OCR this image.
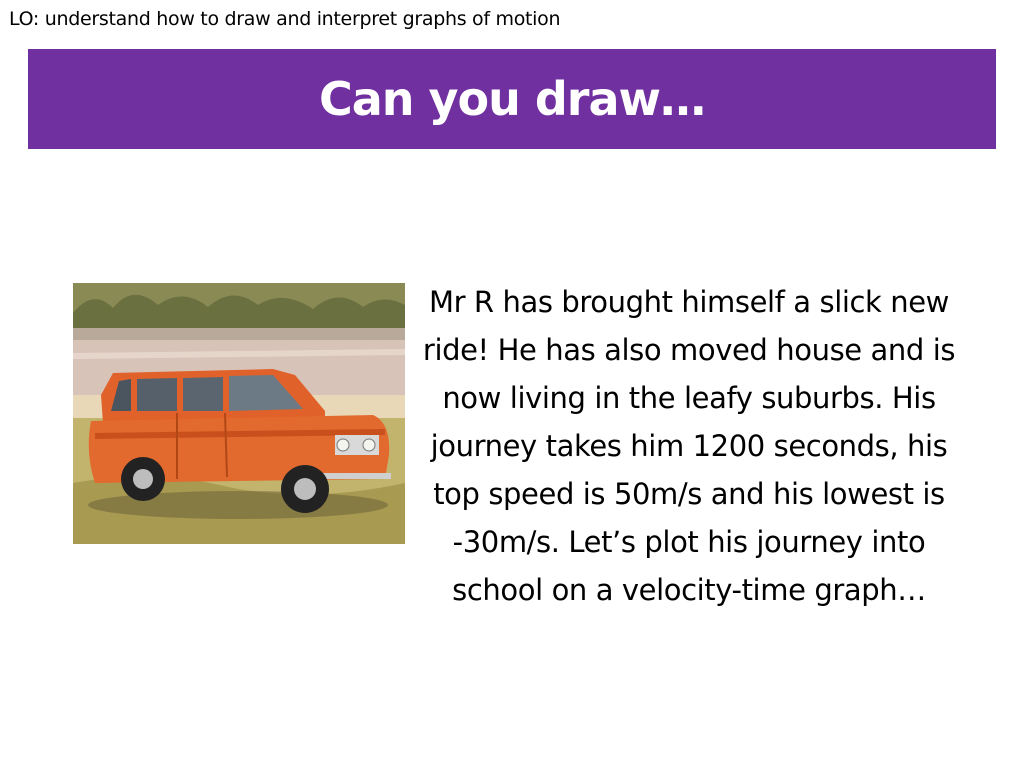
LO: understand how to draw and interpret graphs of motion
Can you draw…
Mr R has brought himself a slick new ride! He has also moved house and is now living in the leafy suburbs. His journey takes him 1200 seconds, his top speed is 50m/s and his lowest is -30m/s. Let’s plot his journey into school on a velocity-time graph…
